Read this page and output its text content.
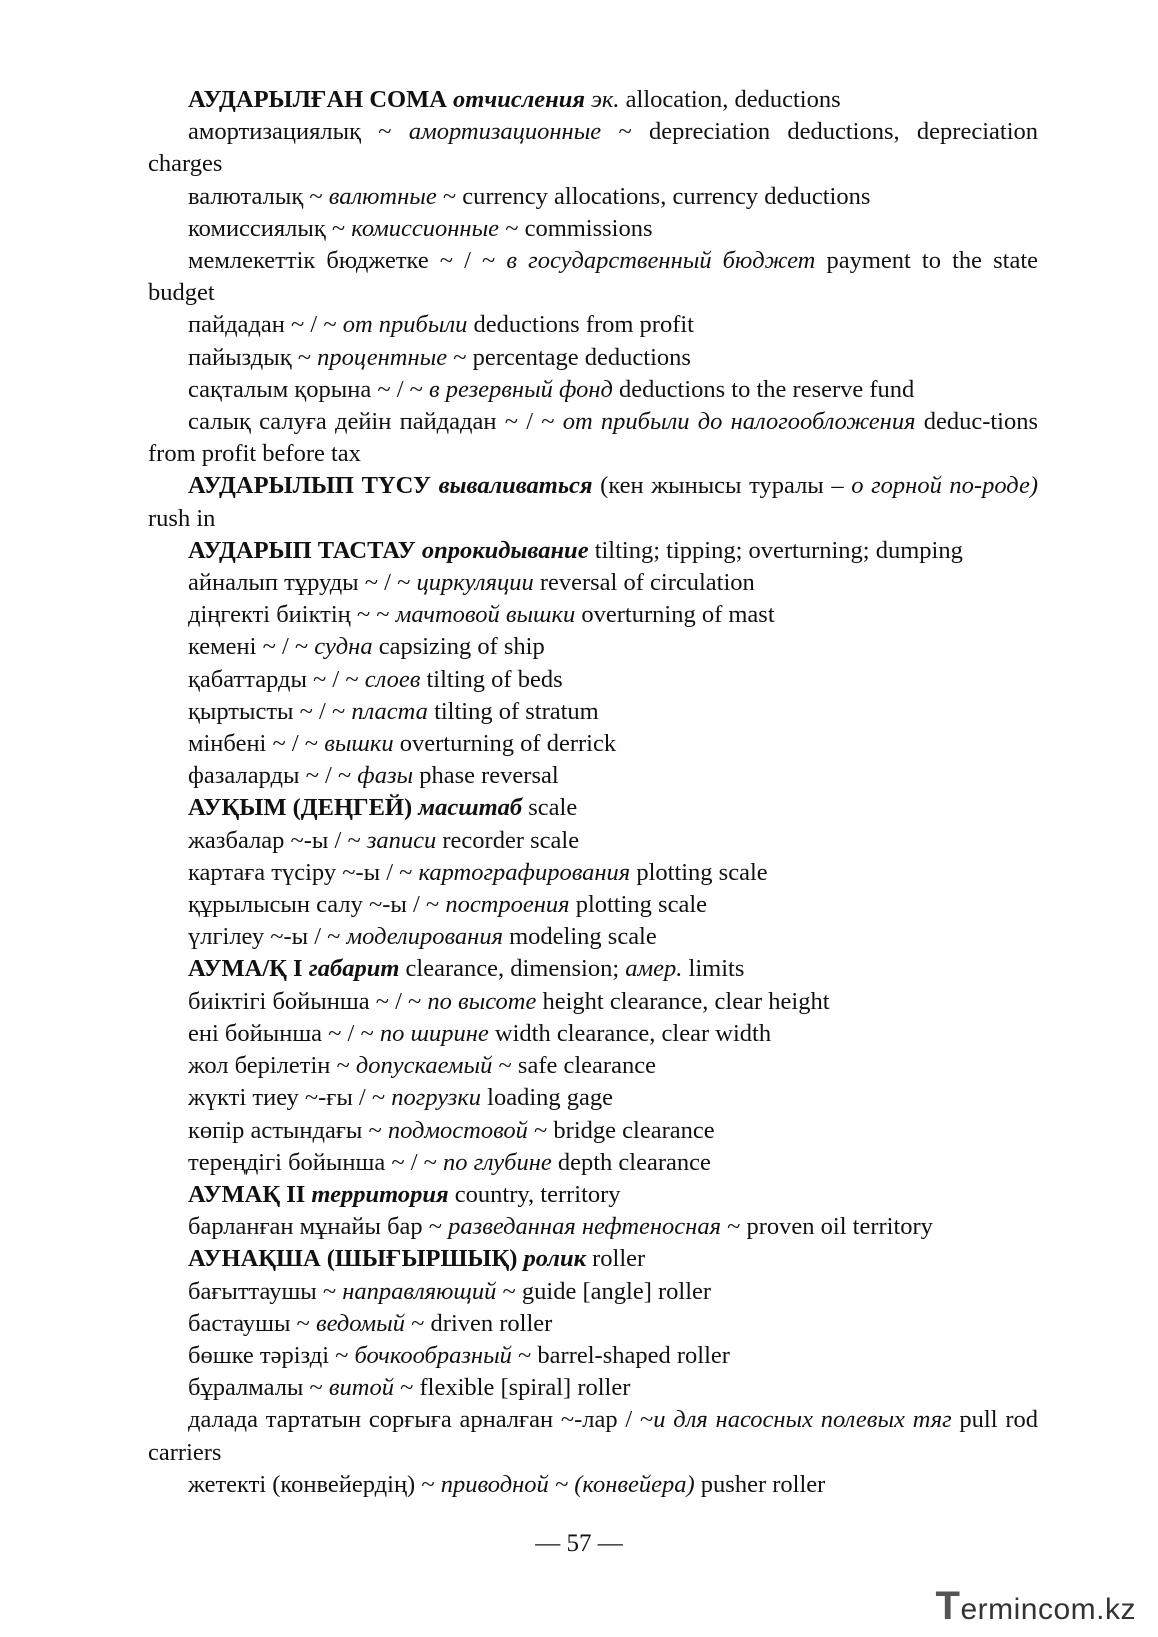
АУДАРЫЛҒАН СОМА отчисления эк. allocation, deductions

амортизациялық ~ амортизационные ~ depreciation deductions, depreciation charges

валюталық ~ валютные ~ currency allocations, currency deductions

комиссиялық ~ комиссионные ~ commissions

мемлекеттік бюджетке ~ / ~ в государственный бюджет payment to the state budget

пайдадан ~ / ~ от прибыли deductions from profit

пайыздық ~ процентные ~ percentage deductions

сақталым қорына ~ / ~ в резервный фонд deductions to the reserve fund

салық салуға дейін пайдадан ~ / ~ от прибыли до налогообложения deduc-tions from profit before tax

АУДАРЫЛЫП ТҮСУ вываливаться (кен жынысы туралы – о горной по-роде) rush in

АУДАРЫП ТАСТАУ опрокидывание tilting; tipping; overturning; dumping

айналып тұруды ~ / ~ циркуляции reversal of circulation

діңгекті биіктің ~ ~ мачтовой вышки overturning of mast

кемені ~ / ~ судна capsizing of ship

қабаттарды ~ / ~ слоев tilting of beds

қыртысты ~ / ~ пласта tilting of stratum

мінбені ~ / ~ вышки overturning of derrick

фазаларды ~ / ~ фазы phase reversal

АУҚЫМ (ДЕҢГЕЙ) масштаб scale

жазбалар ~-ы / ~ записи recorder scale

картаға түсіру ~-ы / ~ картографирования plotting scale

құрылысын салу ~-ы / ~ построения plotting scale

үлгілеу ~-ы / ~ моделирования modeling scale

АУМА/Қ I габарит clearance, dimension; амер. limits

биіктігі бойынша ~ / ~ по высоте height clearance, clear height

ені бойынша ~ / ~ по ширине width clearance, clear width

жол берілетін ~ допускаемый ~ safe clearance

жүкті тиеу ~-ғы / ~ погрузки loading gage

көпір астындағы ~ подмостовой ~ bridge clearance

тереңдігі бойынша ~ / ~ по глубине depth clearance

АУМАҚ II территория country, territory

барланған мұнайы бар ~ разведанная нефтеносная ~ proven oil territory

АУНАҚША (ШЫҒЫРШЫҚ) ролик roller

бағыттаушы ~ направляющий ~ guide [angle] roller

бастаушы ~ ведомый ~ driven roller

бөшке тәрізді ~ бочкообразный ~ barrel-shaped roller

бұралмалы ~ витой ~ flexible [spiral] roller

далада тартатын сорғыға арналған ~-лар / ~и для насосных полевых тяг pull rod carriers

жетекті (конвейердің) ~ приводной ~ (конвейера) pusher roller

— 57 —
Termincom.kz
